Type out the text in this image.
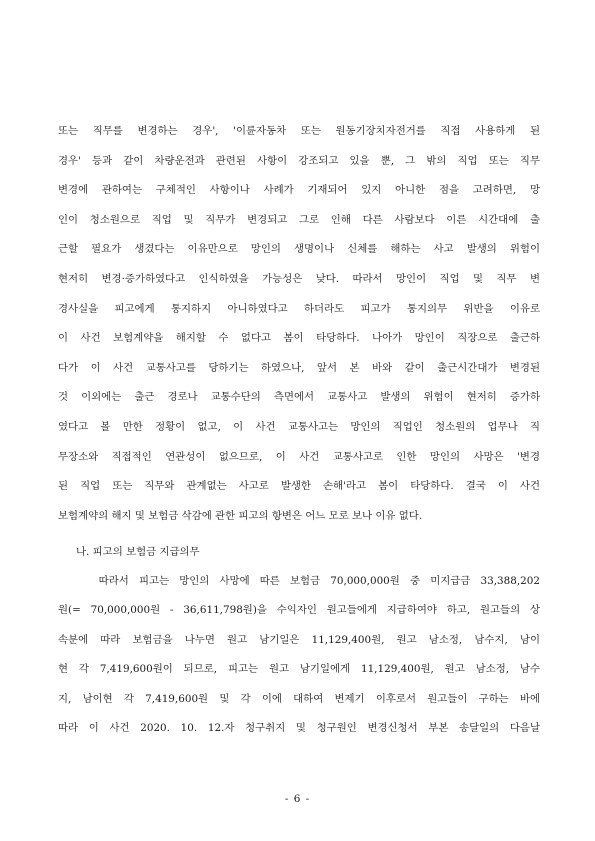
또는 직무를 변경하는 경우', '이륜자동차 또는 원동기장치자전거를 직접 사용하게 된
경우' 등과 같이 차량운전과 관련된 사항이 강조되고 있을 뿐, 그 밖의 직업 또는 직무
변경에 관하여는 구체적인 사항이나 사례가 기재되어 있지 아니한 점을 고려하면, 망
인이 청소원으로 직업 및 직무가 변경되고 그로 인해 다른 사람보다 이른 시간대에 출
근할 필요가 생겼다는 이유만으로 망인의 생명이나 신체를 해하는 사고 발생의 위험이
현저히 변경·증가하였다고 인식하였을 가능성은 낮다. 따라서 망인이 직업 및 직무 변
경사실을 피고에게 통지하지 아니하였다고 하더라도 피고가 통지의무 위반을 이유로
이 사건 보험계약을 해지할 수 없다고 봄이 타당하다. 나아가 망인이 직장으로 출근하
다가 이 사건 교통사고를 당하기는 하였으나, 앞서 본 바와 같이 출근시간대가 변경된
것 이외에는 출근 경로나 교통수단의 측면에서 교통사고 발생의 위험이 현저히 증가하
였다고 볼 만한 정황이 없고, 이 사건 교통사고는 망인의 직업인 청소원의 업무나 직
무장소와 직접적인 연관성이 없으므로, 이 사건 교통사고로 인한 망인의 사망은 '변경
된 직업 또는 직무와 관계없는 사고로 발생한 손해'라고 봄이 타당하다. 결국 이 사건
보험계약의 해지 및 보험금 삭감에 관한 피고의 항변은 어느 모로 보나 이유 없다.
나. 피고의 보험금 지급의무
따라서 피고는 망인의 사망에 따른 보험금 70,000,000원 중 미지급금 33,388,202
원(= 70,000,000원 - 36,611,798원)을 수익자인 원고들에게 지급하여야 하고, 원고들의 상
속분에 따라 보험금을 나누면 원고 남기일은 11,129,400원, 원고 남소정, 남수지, 남이
현 각 7,419,600원이 되므로, 피고는 원고 남기일에게 11,129,400원, 원고 남소정, 남수
지, 남이현 각 7,419,600원 및 각 이에 대하여 변제기 이후로서 원고들이 구하는 바에
따라 이 사건 2020. 10. 12.자 청구취지 및 청구원인 변경신청서 부본 송달일의 다음날
- 6 -
